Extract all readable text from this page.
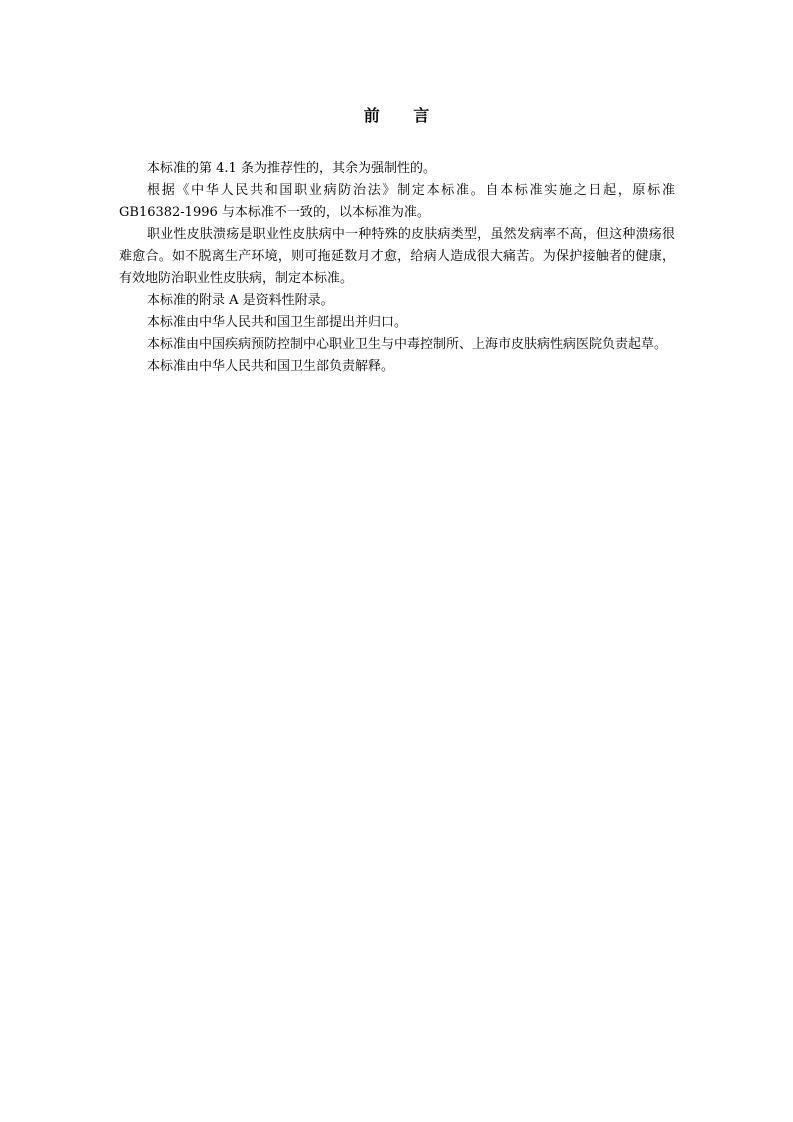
前 言

本标准的第 4.1 条为推荐性的，其余为强制性的。

根据《中华人民共和国职业病防治法》制定本标准。自本标准实施之日起，原标准 GB16382-1996 与本标准不一致的，以本标准为准。

职业性皮肤溃疡是职业性皮肤病中一种特殊的皮肤病类型，虽然发病率不高，但这种溃疡很难愈合。如不脱离生产环境，则可拖延数月才愈，给病人造成很大痛苦。为保护接触者的健康，有效地防治职业性皮肤病，制定本标准。

本标准的附录 A 是资料性附录。

本标准由中华人民共和国卫生部提出并归口。

本标准由中国疾病预防控制中心职业卫生与中毒控制所、上海市皮肤病性病医院负责起草。

本标准由中华人民共和国卫生部负责解释。
